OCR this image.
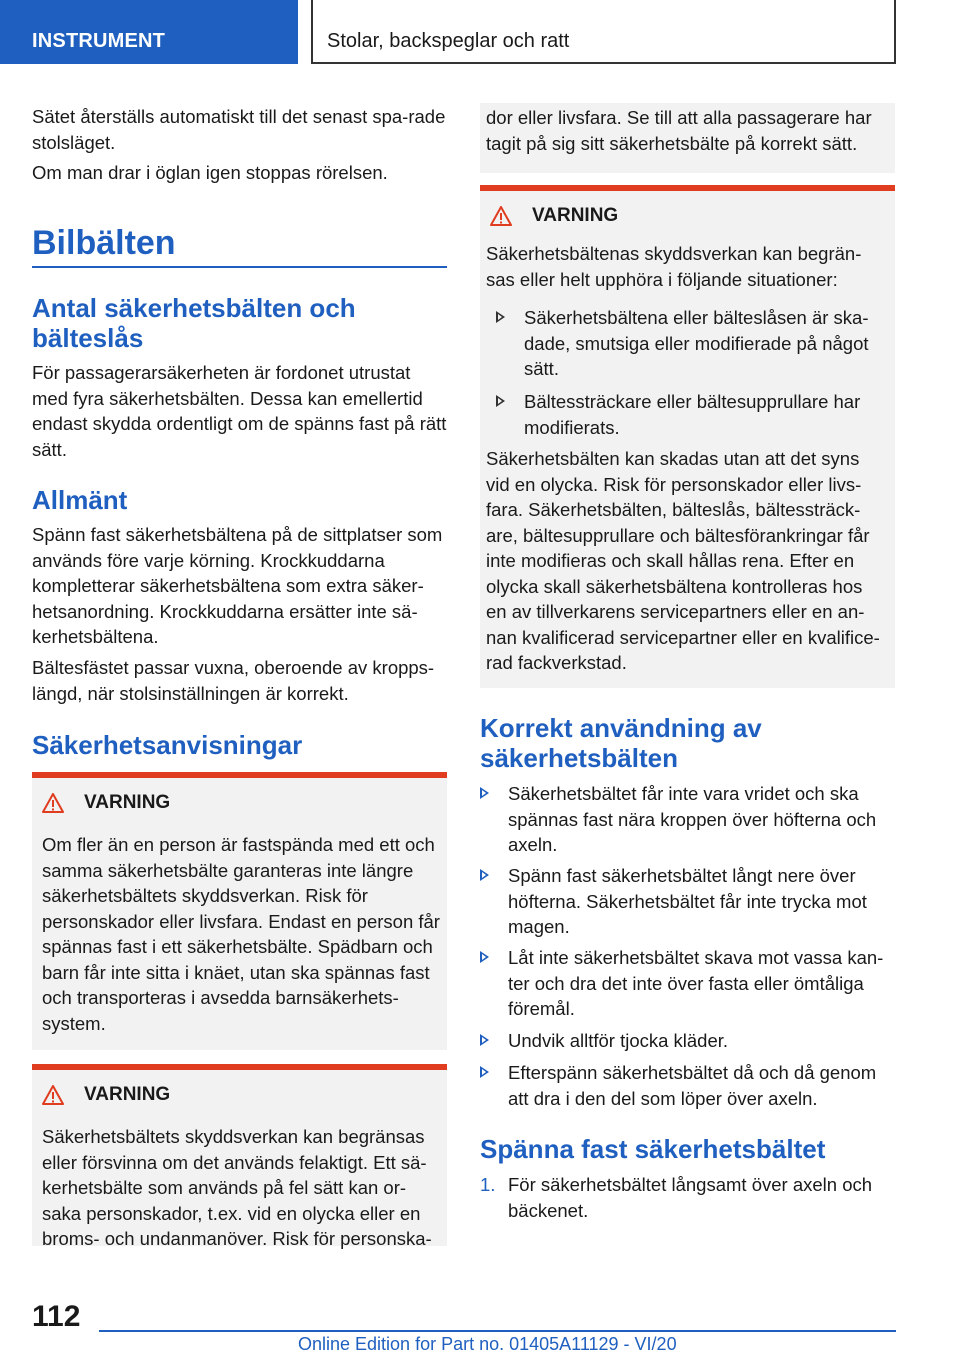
INSTRUMENT	Stolar, backspeglar och ratt

Sätet återställs automatiskt till det senast spa-rade stolsläget.

Om man drar i öglan igen stoppas rörelsen.

Bilbälten
Antal säkerhetsbälten och bälteslås

För passagerarsäkerheten är fordonet utrustat med fyra säkerhetsbälten. Dessa kan emellertid endast skydda ordentligt om de spänns fast på rätt sätt.

Allmänt

Spänn fast säkerhetsbältena på de sittplatser som används före varje körning. Krockkuddarna kompletterar säkerhetsbältena som extra säker-hetsanordning. Krockkuddarna ersätter inte sä-kerhetsbältena.

Bältesfästet passar vuxna, oberoende av kropps-längd, när stolsinställningen är korrekt.

Säkerhetsanvisningar
VARNING
Om fler än en person är fastspända med ett och samma säkerhetsbälte garanteras inte längre säkerhetsbältets skyddsverkan. Risk för personskador eller livsfara. Endast en person får spännas fast i ett säkerhetsbälte. Spädbarn och barn får inte sitta i knäet, utan ska spännas fast och transporteras i avsedda barnsäkerhets-system.
VARNING
Säkerhetsbältets skyddsverkan kan begränsas eller försvinna om det används felaktigt. Ett sä-kerhetsbälte som används på fel sätt kan or-saka personskador, t.ex. vid en olycka eller en broms- och undanmanöver. Risk för personska-
dor eller livsfara. Se till att alla passagerare har tagit på sig sitt säkerhetsbälte på korrekt sätt.
VARNING
Säkerhetsbältenas skyddsverkan kan begrän-sas eller helt upphöra i följande situationer:
Säkerhetsbältena eller bälteslåsen är ska-dade, smutsiga eller modifierade på något sätt.
Bältessträckare eller bältesupprullare har modifierats.
Säkerhetsbälten kan skadas utan att det syns vid en olycka. Risk för personskador eller livs-fara. Säkerhetsbälten, bälteslås, bältessträck-are, bältesupprullare och bältesförankringar får inte modifieras och skall hållas rena. Efter en olycka skall säkerhetsbältena kontrolleras hos en av tillverkarens servicepartners eller en an-nan kvalificerad servicepartner eller en kvalifice-rad fackverkstad.
Korrekt användning av säkerhetsbälten
Säkerhetsbältet får inte vara vridet och ska spännas fast nära kroppen över höfterna och axeln.
Spänn fast säkerhetsbältet långt nere över höfterna. Säkerhetsbältet får inte trycka mot magen.
Låt inte säkerhetsbältet skava mot vassa kan-ter och dra det inte över fasta eller ömtåliga föremål.
Undvik alltför tjocka kläder.
Efterspänn säkerhetsbältet då och då genom att dra i den del som löper över axeln.
Spänna fast säkerhetsbältet
1. För säkerhetsbältet långsamt över axeln och bäckenet.
112
Online Edition for Part no. 01405A11129 - VI/20
